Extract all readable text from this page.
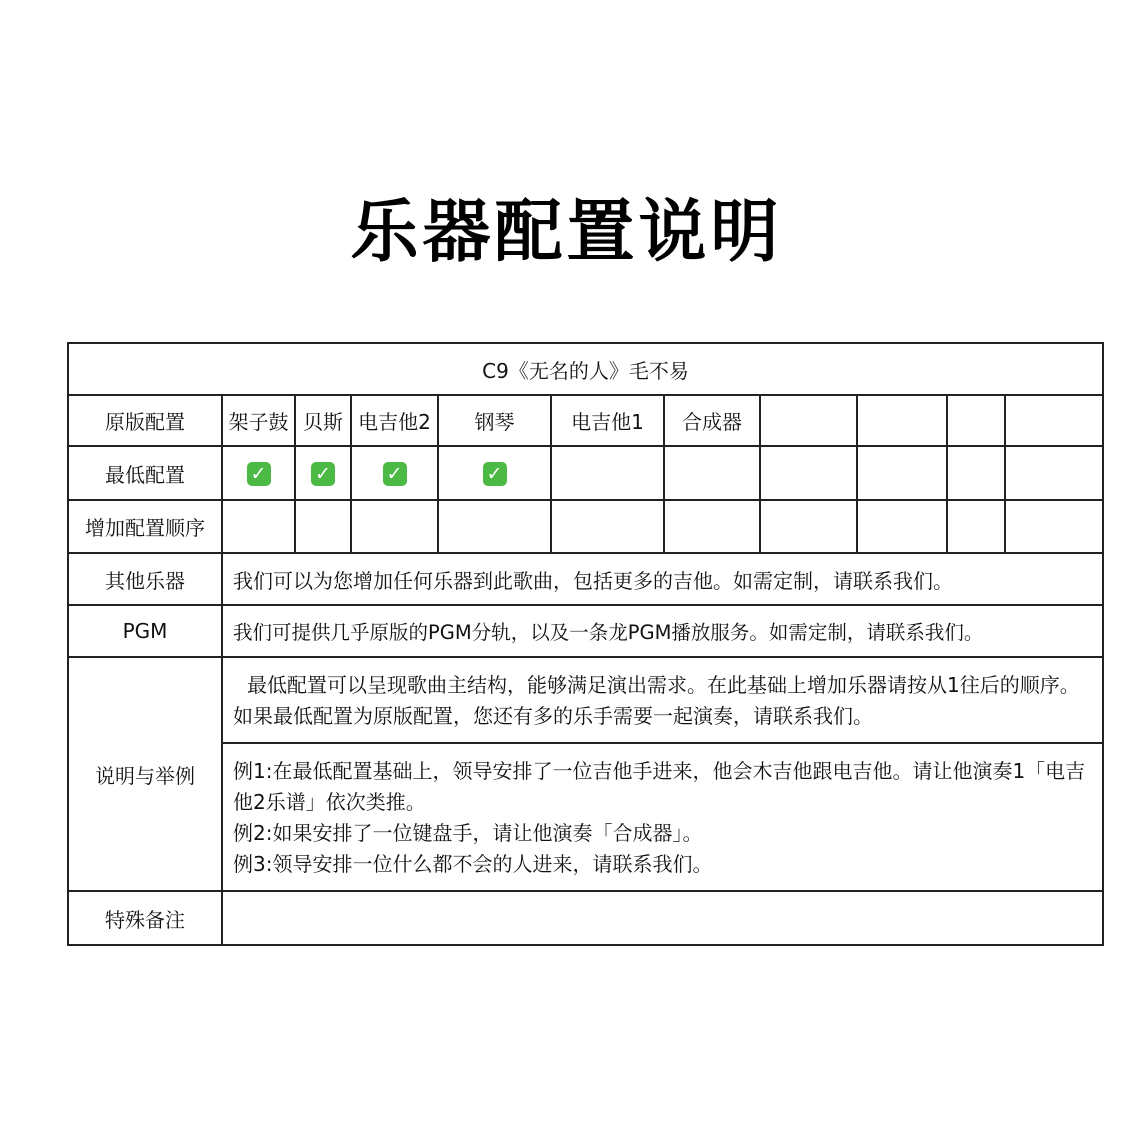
乐器配置说明
C9《无名的人》毛不易										
原版配置	架子鼓	贝斯	电吉他2	钢琴	电吉他1	合成器				
最低配置	✓	✓	✓	✓						
增加配置顺序										
其他乐器	我们可以为您增加任何乐器到此歌曲，包括更多的吉他。如需定制，请联系我们。									
PGM	我们可提供几乎原版的PGM分轨，以及一条龙PGM播放服务。如需定制，请联系我们。									
说明与举例	最低配置可以呈现歌曲主结构，能够满足演出需求。在此基础上增加乐器请按从1往后的顺序。如果最低配置为原版配置，您还有多的乐手需要一起演奏，请联系我们。									

	例1:在最低配置基础上，领导安排了一位吉他手进来，他会木吉他跟电吉他。请让他演奏1「电吉他2乐谱」依次类推。
例2:如果安排了一位键盘手，请让他演奏「合成器」。
例3:领导安排一位什么都不会的人进来，请联系我们。									

特殊备注										
